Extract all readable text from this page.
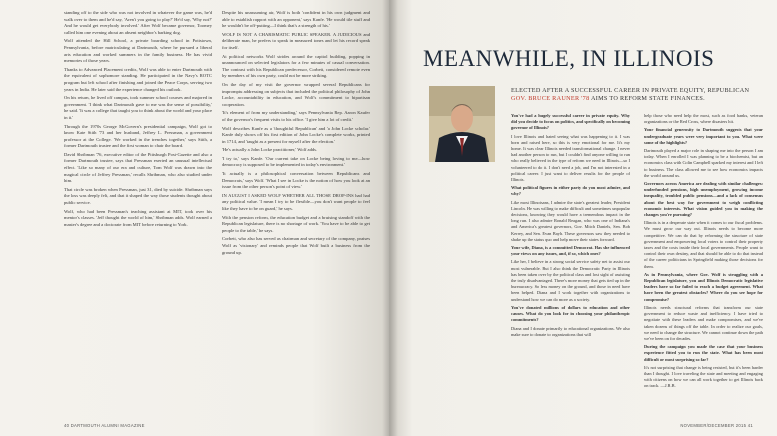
standing off to the side who was not involved in whatever the game was, he'd walk over to them and he'd say, 'Aren't you going to play?' He'd say, 'Why not?' And he would get everybody involved.' After Wolf became governor, Toomey called him one evening about an absent neighbor's barking dog.

Wolf attended the Hill School, a private boarding school in Pottstown, Pennsylvania, before matriculating at Dartmouth, where he pursued a liberal arts education and worked summers in the family business. He has vivid memories of those years.

Thanks to Advanced Placement credits, Wolf was able to enter Dartmouth with the equivalent of sophomore standing. He participated in the Navy's ROTC program but left school after finishing and joined the Peace Corps, serving two years in India. He later said the experience changed his outlook.

On his return, he lived off campus, took summer school courses and majored in government. 'I think what Dartmouth gave to me was the sense of possibility,' he said. 'It was a college that taught you to think about the world and your place in it.'

Through the 1970s George McGovern's presidential campaign, Wolf got to know Kate Stith '73 and her husband, Jeffrey L. Pressman, a government professor at the College. 'We worked in the trenches together,' says Stith, a former Dartmouth trustee and the first woman to chair the board.

David Shribman '76, executive editor of the Pittsburgh Post-Gazette and also a former Dartmouth trustee, says that Pressman exerted an unusual intellectual effect. 'Like so many of our era and culture, Tom Wolf was drawn into the magical circle of Jeffrey Pressman,' recalls Shribman, who also studied under him.

That circle was broken when Pressman, just 31, died by suicide. Shribman says the loss was deeply felt, and that it shaped the way those students thought about public service.

Wolf, who had been Pressman's teaching assistant at MIT, took over his mentor's classes. 'Jeff thought the world of him,' Shribman adds. Wolf earned a master's degree and a doctorate from MIT before returning to York.

Despite his unassuming air, Wolf is both 'confident in his own judgment and able to establish rapport with an opponent,' says Kanfe. 'He would tile stuff and he wouldn't be off-putting—I think that's a strength of his.'

WOLF IS NOT A CHARISMATIC PUBLIC SPEAKER. A JUDICIOUS and deliberate man, he prefers to speak in measured tones and let his record speak for itself.

At political networks Wolf strides around the capitol building, popping in unannounced on selected legislators for a few minutes of casual conversation. The contrast with his Republican predecessor, Corbett, considered remote even by members of his own party, could not be more striking.

On the day of my visit the governor wrapped several Republicans for impromptu addressing on subjects that included the political philosophy of John Locke, accountability in education, and Wolf's commitment to bipartisan cooperation.

'It's element of from my understanding,' says Pennsylvania Rep. Aaron Kaufer of the governor's frequent visits to his office. 'I give him a lot of credit.'

Wolf describes Kanfe as a 'thoughtful Republican' and 'a John Locke scholar.' Kanfe duly shows off his first edition of John Locke's complete works, printed in 1714, and 'taught as a present for myself after the election.'

'He's actually a John Locke practitioner,' Wolf adds.

'I try to,' says Kanfe. 'Our current take on Locke being loving to me—how democracy is supposed to be implemented in today's environment.'

'It actually is a philosophical conversation between Republicans and Democrats,' says Wolf. 'What I see in Locke is the notion of how you look at an issue from the other person's point of view.'

IN AUGUST I ASKED WOLF WHETHER ALL THOSE DROP-INS had had any political value. 'I mean I try to be flexible—you don't want people to feel like they have to be on guard,' he says.

With the pension reform, the education budget and a bruising standoff with the Republican legislature, there is no shortage of work. 'You have to be able to get people to the table,' he says.

Corbett, who also has served as chairman and secretary of the company, praises Wolf as 'visionary' and reminds people that Wolf built a business from the ground up.

40 DARTMOUTH ALUMNI MAGAZINE
MEANWHILE, IN ILLINOIS

ELECTED AFTER A SUCCESSFUL CAREER IN PRIVATE EQUITY, REPUBLICAN GOV. BRUCE RAUNER '78 AIMS TO REFORM STATE FINANCES.

You've had a hugely successful career in private equity. Why did you decide to focus on politics, and specifically on becoming governor of Illinois?

I love Illinois and hated seeing what was happening to it. I was born and raised here, so this is very emotional for me. It's my home. It was clear Illinois needed transformational change. I never had another person to run, but I couldn't find anyone willing to run who really believed in the type of reform we need in Illinois—so I volunteered to do it. I don't need a job, and I'm not interested in a political career. I just want to deliver results for the people of Illinois.

What political figures in either party do you most admire, and why?

Like most Illinoisans, I admire the state's greatest leader, President Lincoln. He was willing to make difficult and sometimes unpopular decisions, knowing they would have a tremendous impact in the long run. I also admire Ronald Reagan, who was one of Indiana's and America's greatest governors, Gov. Mitch Daniels, Sen. Bob Kerrey, and Sen. Evan Bayh. These governors saw they needed to shake up the status quo and help move their states forward.

Your wife, Diana, is a committed Democrat. Has she influenced your views on any issues, and, if so, which ones?

Like her, I believe in a strong social service safety net to assist our most vulnerable. But I also think the Democratic Party in Illinois has been taken over by the political class and lost sight of assisting the truly disadvantaged. There's more money that gets tied up in the bureaucracy. So less money on the ground, and those in need have been helped. Diana and I work together with organizations to understand how we can do more as a society.

You've donated millions of dollars to education and other causes. What do you look for in choosing your philanthropic commitments?

Diana and I donate primarily to educational organizations. We also make sure to donate to organizations that will

help those who need help the most, such as food banks, veteran organizations or the Red Cross, where disasters hit.

Your financial generosity to Dartmouth suggests that your undergraduate years were very important to you. What were some of the highlights?

Dartmouth played a major role in shaping me into the person I am today. When I enrolled I was planning to be a biochemist, but an economics class with Colin Campbell sparked my interest and I left to business. The class allowed me to see how economics impacts the world around us.

Governors across America are dealing with similar challenges: underfunded pensions, high unemployment, growing income inequality, troubled public pensions—and a lack of consensus about the best way for government to weigh conflicting economic interests. What vision guided you in making the changes you're pursuing?

Illinois is in a desperate state when it comes to our fiscal problems. We must grow our way out. Illinois needs to become more competitive. We can do that by reforming the structure of state government and empowering local voters to control their property taxes and the costs inside their local governments. People want to control their own destiny, and that should be able to do that instead of the career politicians in Springfield making those decisions for them.

As in Pennsylvania, where Gov. Wolf is struggling with a Republican legislature, you and Illinois Democratic legislative leaders have so far failed to reach a budget agreement. What have been the greatest obstacles? Where do you see hope for compromise?

Illinois needs structural reforms that transform our state government to reduce waste and inefficiency. I have tried to negotiate with these leaders and make compromises, and we've taken dozens of things off the table. In order to realize our goals, we need to change the structure. We cannot continue down the path we've been on for decades.

During the campaign you made the case that your business experience fitted you to run the state. What has been most difficult or most surprising so far?

It's not surprising that change is being resisted, but it's been harder than I thought. I love traveling the state and meeting and engaging with citizens on how we can all work together to get Illinois back on track. —J.R.B.

NOVEMBER/DECEMBER 2015 41
